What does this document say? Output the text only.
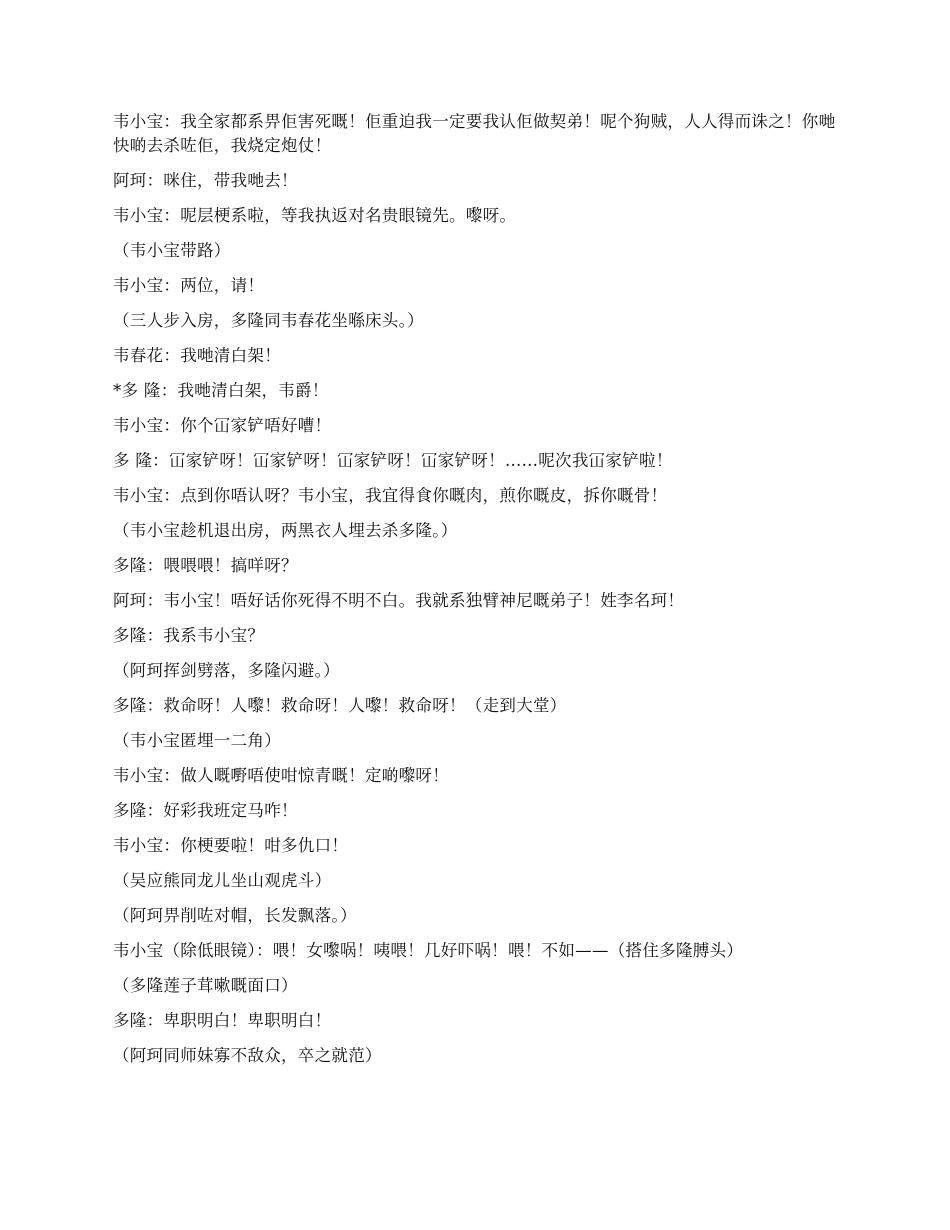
韦小宝：我全家都系畀佢害死嘅！佢重迫我一定要我认佢做契弟！呢个狗贼，人人得而诛之！你哋快啲去杀咗佢，我烧定炮仗！

阿珂：咪住，带我哋去！

韦小宝：呢层梗系啦，等我执返对名贵眼镜先。嚟呀。

（韦小宝带路）

韦小宝：两位，请！

（三人步入房，多隆同韦春花坐喺床头。）

韦春花：我哋清白架！

*多 隆：我哋清白架，韦爵！

韦小宝：你个冚家铲唔好嘈！

多 隆：冚家铲呀！冚家铲呀！冚家铲呀！冚家铲呀！......呢次我冚家铲啦！

韦小宝：点到你唔认呀？韦小宝，我宜得食你嘅肉，煎你嘅皮，拆你嘅骨！

（韦小宝趁机退出房，两黑衣人埋去杀多隆。）

多隆：喂喂喂！搞咩呀？

阿珂：韦小宝！唔好话你死得不明不白。我就系独臂神尼嘅弟子！姓李名珂！

多隆：我系韦小宝？

（阿珂挥剑劈落，多隆闪避。）

多隆：救命呀！人嚟！救命呀！人嚟！救命呀！（走到大堂）

（韦小宝匿埋一二角）

韦小宝：做人嘅嘢唔使咁惊青嘅！定啲嚟呀！

多隆：好彩我班定马咋！

韦小宝：你梗要啦！咁多仇口！

（吴应熊同龙儿坐山观虎斗）

（阿珂畀削咗对帽，长发飘落。）

韦小宝（除低眼镜）：喂！女嚟㖞！咦喂！几好吓㖞！喂！不如——（搭住多隆膊头）

（多隆莲子茸嗽嘅面口）

多隆：卑职明白！卑职明白！

（阿珂同师妹寡不敌众，卒之就范）
